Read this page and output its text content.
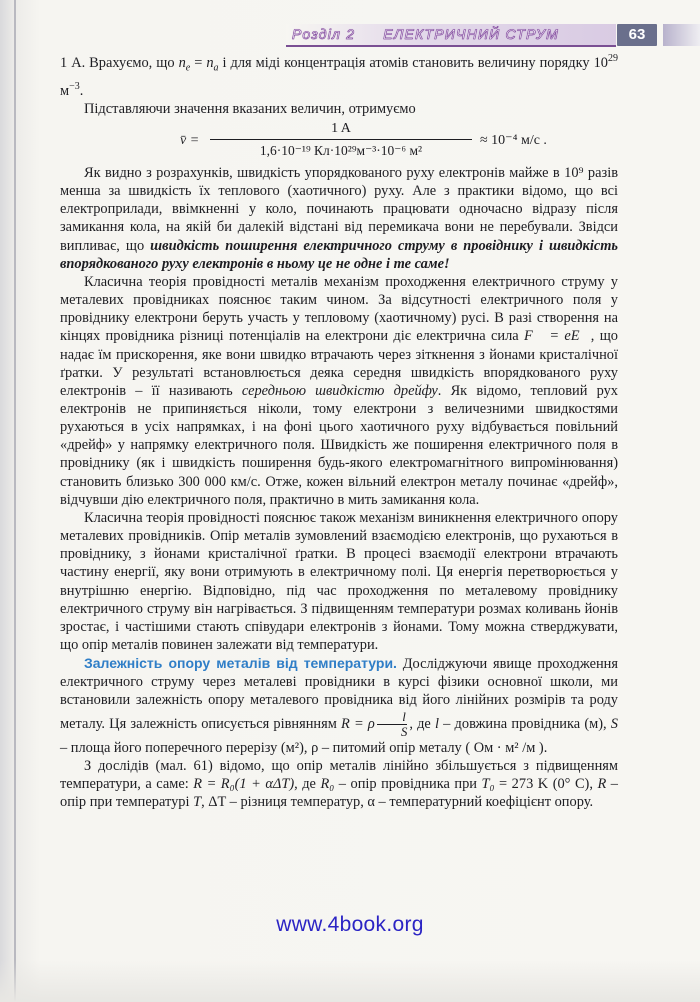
Розділ 2 ЕЛЕКТРИЧНИЙ СТРУМ	63

1 А. Врахуємо, що $n_e = n_a$ і для міді концентрація атомів становить величину порядку $10^{29}$ $м^{-3}$.

Підставляючи значення вказаних величин, отримуємо

v̄ =
1 A
1,6·10⁻¹⁹ Кл·10²⁹м⁻³·10⁻⁶ м²
≈ 10⁻⁴ м/с .

Як видно з розрахунків, швидкість упорядкованого руху електронів майже в 10⁹ разів менша за швидкість їх теплового (хаотичного) руху. Але з практики відомо, що всі електроприлади, ввімкненні у коло, починають працювати одночасно відразу після замикання кола, на якій би далекій відстані від перемикача вони не перебували. Звідси випливає, що швидкість поширення електричного струму в провіднику і швидкість впорядкованого руху електронів в ньому це не одне і те саме!

Класична теорія провідності металів механізм проходження електричного струму у металевих провідниках пояснює таким чином. За відсутності електричного поля у провіднику електрони беруть участь у тепловому (хаотичному) русі. В разі створення на кінцях провідника різниці потенціалів на електрони діє електрична сила F⃗ = eE⃗, що надає їм прискорення, яке вони швидко втрачають через зіткнення з йонами кристалічної ґратки. У результаті встановлюється деяка середня швидкість впорядкованого руху електронів – її називають середньою швидкістю дрейфу. Як відомо, тепловий рух електронів не припиняється ніколи, тому електрони з величезними швидкостями рухаються в усіх напрямках, і на фоні цього хаотичного руху відбувається повільний «дрейф» у напрямку електричного поля. Швидкість же поширення електричного поля в провіднику (як і швидкість поширення будь-якого електромагнітного випромінювання) становить близько 300 000 км/с. Отже, кожен вільний електрон металу починає «дрейф», відчувши дію електричного поля, практично в мить замикання кола.

Класична теорія провідності пояснює також механізм виникнення електричного опору металевих провідників. Опір металів зумовлений взаємодією електронів, що рухаються в провіднику, з йонами кристалічної ґратки. В процесі взаємодії електрони втрачають частину енергії, яку вони отримують в електричному полі. Ця енергія перетворюється у внутрішню енергію. Відповідно, під час проходження по металевому провіднику електричного струму він нагрівається. З підвищенням температури розмах коливань йонів зростає, і частішими стають співудари електронів з йонами. Тому можна стверджувати, що опір металів повинен залежати від температури.

Залежність опору металів від температури. Досліджуючи явище проходження електричного струму через металеві провідники в курсі фізики основної школи, ми встановили залежність опору металевого провідника від його лінійних розмірів та роду металу. Ця залежність описується рівнянням R = ρ $\frac{l}{S}$ , де l – довжина провідника (м), S – площа його поперечного перерізу (м²), ρ – питомий опір металу ( Ом · м² /м ).

З дослідів (мал. 61) відомо, що опір металів лінійно збільшується з підвищенням температури, а саме: R = R₀(1 + αΔT), де R₀ – опір провідника при T₀ = 273 K (0° C), R – опір при температурі T, ΔT – різниця температур, α – температурний коефіцієнт опору.

www.4book.org
